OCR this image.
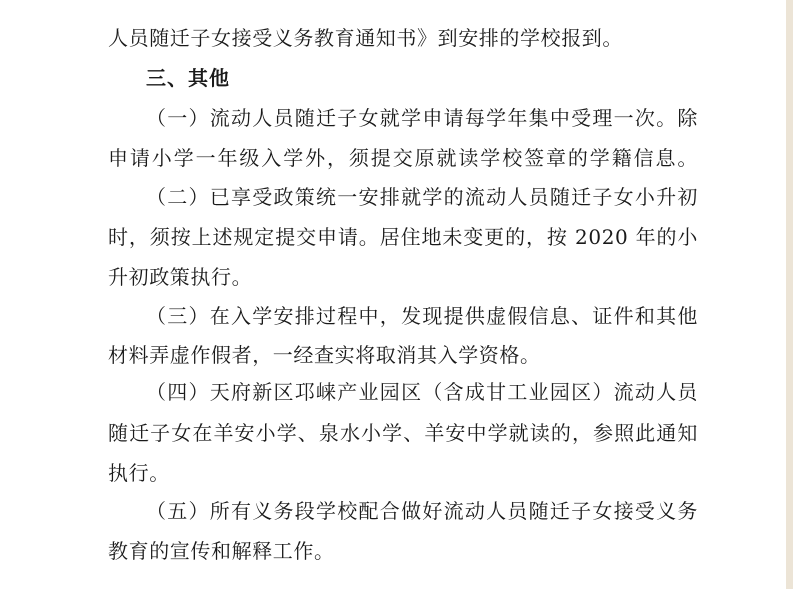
人员随迁子女接受义务教育通知书》到安排的学校报到。
三、其他
（一）流动人员随迁子女就学申请每学年集中受理一次。除
申请小学一年级入学外，须提交原就读学校签章的学籍信息。
（二）已享受政策统一安排就学的流动人员随迁子女小升初
时，须按上述规定提交申请。居住地未变更的，按 2020 年的小
升初政策执行。
（三）在入学安排过程中，发现提供虚假信息、证件和其他
材料弄虚作假者，一经查实将取消其入学资格。
（四）天府新区邛崃产业园区（含成甘工业园区）流动人员
随迁子女在羊安小学、泉水小学、羊安中学就读的，参照此通知
执行。
（五）所有义务段学校配合做好流动人员随迁子女接受义务
教育的宣传和解释工作。
